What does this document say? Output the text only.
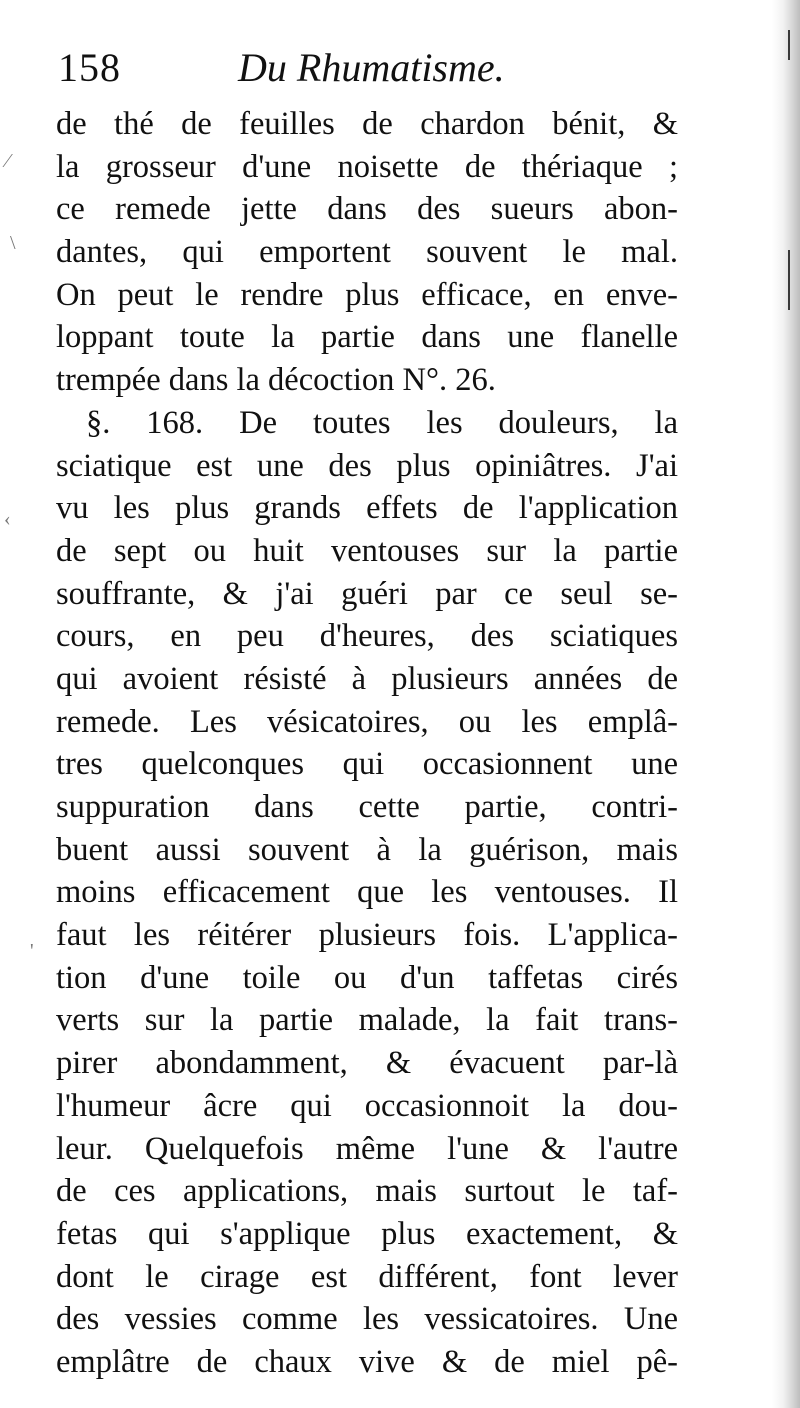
⁄
\
‹
'
158	Du Rhumatisme.
de thé de feuilles de chardon bénit, &
la grosseur d'une noisette de thériaque ;
ce remede jette dans des sueurs abon-
dantes, qui emportent souvent le mal.
On peut le rendre plus efficace, en enve-
loppant toute la partie dans une flanelle
trempée dans la décoction N°. 26.
§. 168. De toutes les douleurs, la
sciatique est une des plus opiniâtres. J'ai
vu les plus grands effets de l'application
de sept ou huit ventouses sur la partie
souffrante, & j'ai guéri par ce seul se-
cours, en peu d'heures, des sciatiques
qui avoient résisté à plusieurs années de
remede. Les vésicatoires, ou les emplâ-
tres quelconques qui occasionnent une
suppuration dans cette partie, contri-
buent aussi souvent à la guérison, mais
moins efficacement que les ventouses. Il
faut les réitérer plusieurs fois. L'applica-
tion d'une toile ou d'un taffetas cirés
verts sur la partie malade, la fait trans-
pirer abondamment, & évacuent par-là
l'humeur âcre qui occasionnoit la dou-
leur. Quelquefois même l'une & l'autre
de ces applications, mais surtout le taf-
fetas qui s'applique plus exactement, &
dont le cirage est différent, font lever
des vessies comme les vessicatoires. Une
emplâtre de chaux vive & de miel pê-
